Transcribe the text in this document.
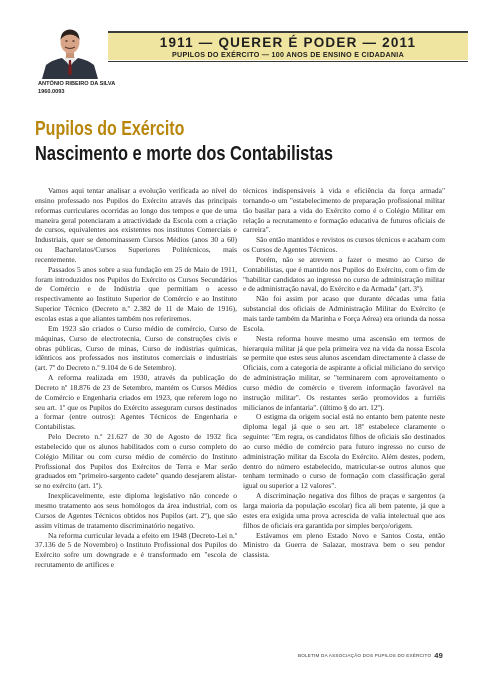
1911 — QUERER É PODER — 2011
PUPILOS DO EXÉRCITO — 100 ANOS DE ENSINO E CIDADANIA
ANTÓNIO RIBEIRO DA SILVA
1960.0093
Pupilos do Exército
Nascimento e morte dos Contabilistas

Vamos aqui tentar analisar a evolução verificada ao nível do ensino professado nos Pupilos do Exército através das principais reformas curriculares ocorridas ao longo dos tempos e que de uma maneira geral potenciaram a atractividade da Escola com a criação de cursos, equivalentes aos existentes nos institutos Comerciais e Industriais, quer se denominassem Cursos Médios (anos 30 a 60) ou Bacharelatos/Cursos Superiores Politécnicos, mais recentemente.

Passados 5 anos sobre a sua fundação em 25 de Maio de 1911, foram introduzidos nos Pupilos do Exército os Cursos Secundários de Comércio e de Indústria que permitiam o acesso respectivamente ao Instituto Superior de Comércio e ao Instituto Superior Técnico (Decreto n.º 2.382 de 11 de Maio de 1916), escolas estas a que aliantes também nos referiremos.

Em 1923 são criados o Curso médio de comércio, Curso de máquinas, Curso de electrotecnia, Curso de construções civis e obras públicas, Curso de minas, Curso de indústrias químicas, idênticos aos professados nos institutos comerciais e industriais (art. 7º do Decreto n.º 9.104 de 6 de Setembro).

A reforma realizada em 1930, através da publicação do Decreto nº 18.876 de 23 de Setembro, mantém os Cursos Médios de Comércio e Engenharia criados em 1923, que referem logo no seu art. 1º que os Pupilos do Exército asseguram cursos destinados a formar (entre outros): Agentes Técnicos de Engenharia e Contabilistas.

Pelo Decreto n.º 21.627 de 30 de Agosto de 1932 fica estabelecido que os alunos habilitados com o curso completo do Colégio Militar ou com curso médio de comércio do Instituto Profissional dos Pupilos dos Exércitos de Terra e Mar serão graduados em "primeiro-sargento cadete" quando desejarem alistar-se no exército (art. 1º).

Inexplicavelmente, este diploma legislativo não concede o mesmo tratamento aos seus homólogos da área industrial, com os Cursos de Agentes Técnicos obtidos nos Pupilos (art. 2º), que são assim vítimas de tratamento discriminatório negativo.

Na reforma curricular levada a efeito em 1948 (Decreto-Lei n.º 37.136 de 5 de Novembro) o Instituto Profissional dos Pupilos do Exército sofre um downgrade e é transformado em "escola de recrutamento de artífices e

técnicos indispensáveis à vida e eficiência da força armada" tornando-o um "estabelecimento de preparação profissional militar tão basilar para a vida do Exército como é o Colégio Militar em relação a recrutamento e formação educativa de futuros oficiais de carreira".

São então mantidos e revistos os cursos técnicos e acabam com os Cursos de Agentes Técnicos.

Porém, não se atrevem a fazer o mesmo ao Curso de Contabilistas, que é mantido nos Pupilos do Exército, com o fim de "habilitar candidatos ao ingresso no curso de administração militar e de administração naval, do Exército e da Armada" (art. 3º).

Não foi assim por acaso que durante décadas uma fatia substancial dos oficiais de Administração Militar do Exército (e mais tarde também da Marinha e Força Aérea) era oriunda da nossa Escola.

Nesta reforma houve mesmo uma ascensão em termos de hierarquia militar já que pela primeira vez na vida da nossa Escola se permite que estes seus alunos ascendam directamente à classe de Oficiais, com a categoria de aspirante a oficial miliciano do serviço de administração militar, se "terminarem com aproveitamento o curso médio de comércio e tiverem informação favorável na instrução militar". Os restantes serão promovidos a furriéis milicianos de infantaria". (último § do art. 12º).

O estigma da origem social está no entanto bem patente neste diploma legal já que o seu art. 18º estabelece claramente o seguinte: "Em regra, os candidatos filhos de oficiais são destinados ao curso médio de comércio para futuro ingresso no curso de administração militar da Escola do Exército. Além destes, podem, dentro do número estabelecido, matricular-se outros alunos que tenham terminado o curso de formação com classificação geral igual ou superior a 12 valores".

A discriminação negativa dos filhos de praças e sargentos (a larga maioria da população escolar) fica ali bem patente, já que a estes era exigida uma prova acrescida de valia intelectual que aos filhos de oficiais era garantida por simples berço/origem.

Estávamos em pleno Estado Novo e Santos Costa, então Ministro da Guerra de Salazar, mostrava bem o seu pendor classista.

BOLETIM DA ASSOCIAÇÃO DOS PUPILOS DO EXÉRCITO 49
